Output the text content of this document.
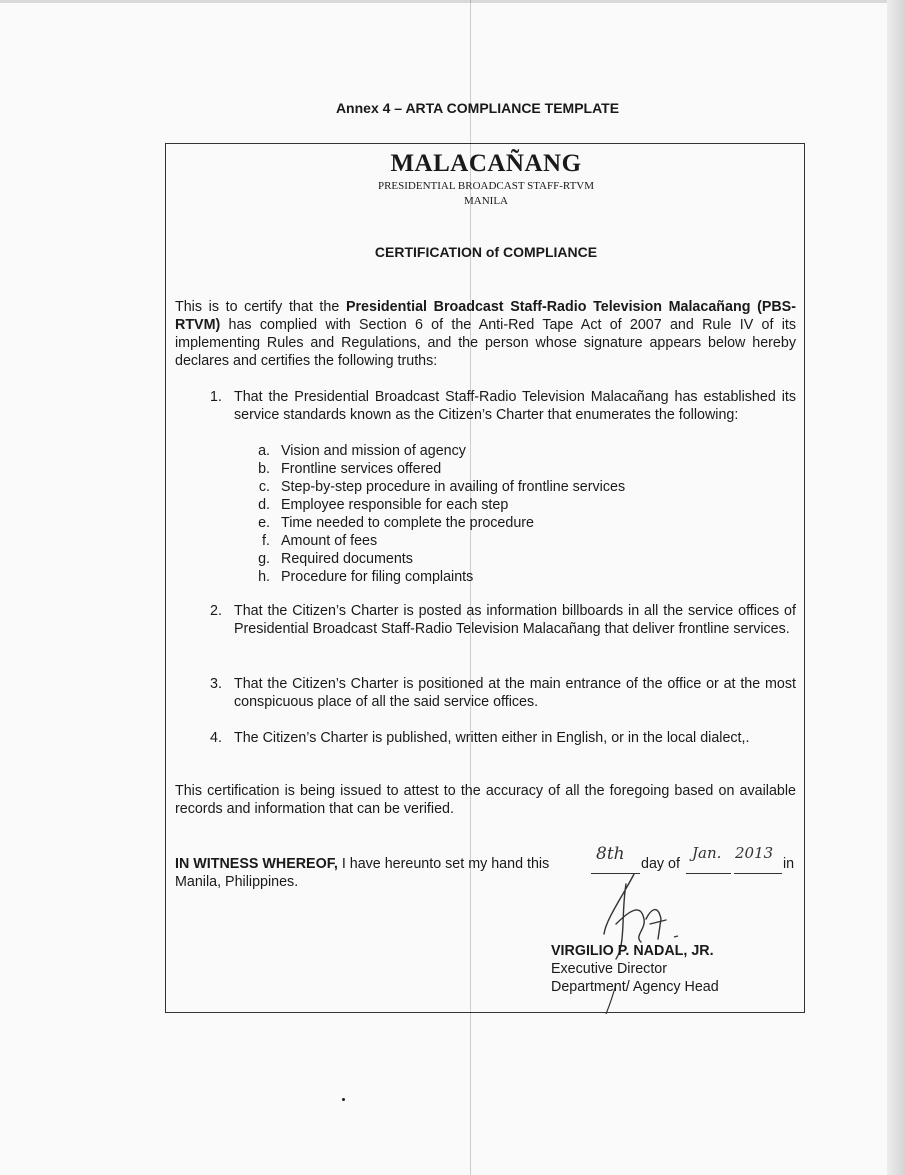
Annex 4 – ARTA COMPLIANCE TEMPLATE
MALACAÑANG
PRESIDENTIAL BROADCAST STAFF-RTVM
MANILA
CERTIFICATION of COMPLIANCE
This is to certify that the Presidential Broadcast Staff-Radio Television Malacañang (PBS-RTVM) has complied with Section 6 of the Anti-Red Tape Act of 2007 and Rule IV of its implementing Rules and Regulations, and the person whose signature appears below hereby declares and certifies the following truths:
1. That the Presidential Broadcast Staff-Radio Television Malacañang has established its service standards known as the Citizen’s Charter that enumerates the following:
a. Vision and mission of agency
b. Frontline services offered
c. Step-by-step procedure in availing of frontline services
d. Employee responsible for each step
e. Time needed to complete the procedure
f. Amount of fees
g. Required documents
h. Procedure for filing complaints
2. That the Citizen’s Charter is posted as information billboards in all the service offices of Presidential Broadcast Staff-Radio Television Malacañang that deliver frontline services.
3. That the Citizen’s Charter is positioned at the main entrance of the office or at the most conspicuous place of all the said service offices.
4. The Citizen’s Charter is published, written either in English, or in the local dialect,.
This certification is being issued to attest to the accuracy of all the foregoing based on available records and information that can be verified.
IN WITNESS WHEREOF, I have hereunto set my hand this	8th day of
Jan. 2013
in
Manila, Philippines.
VIRGILIO P. NADAL, JR.
Executive Director
Department/ Agency Head
